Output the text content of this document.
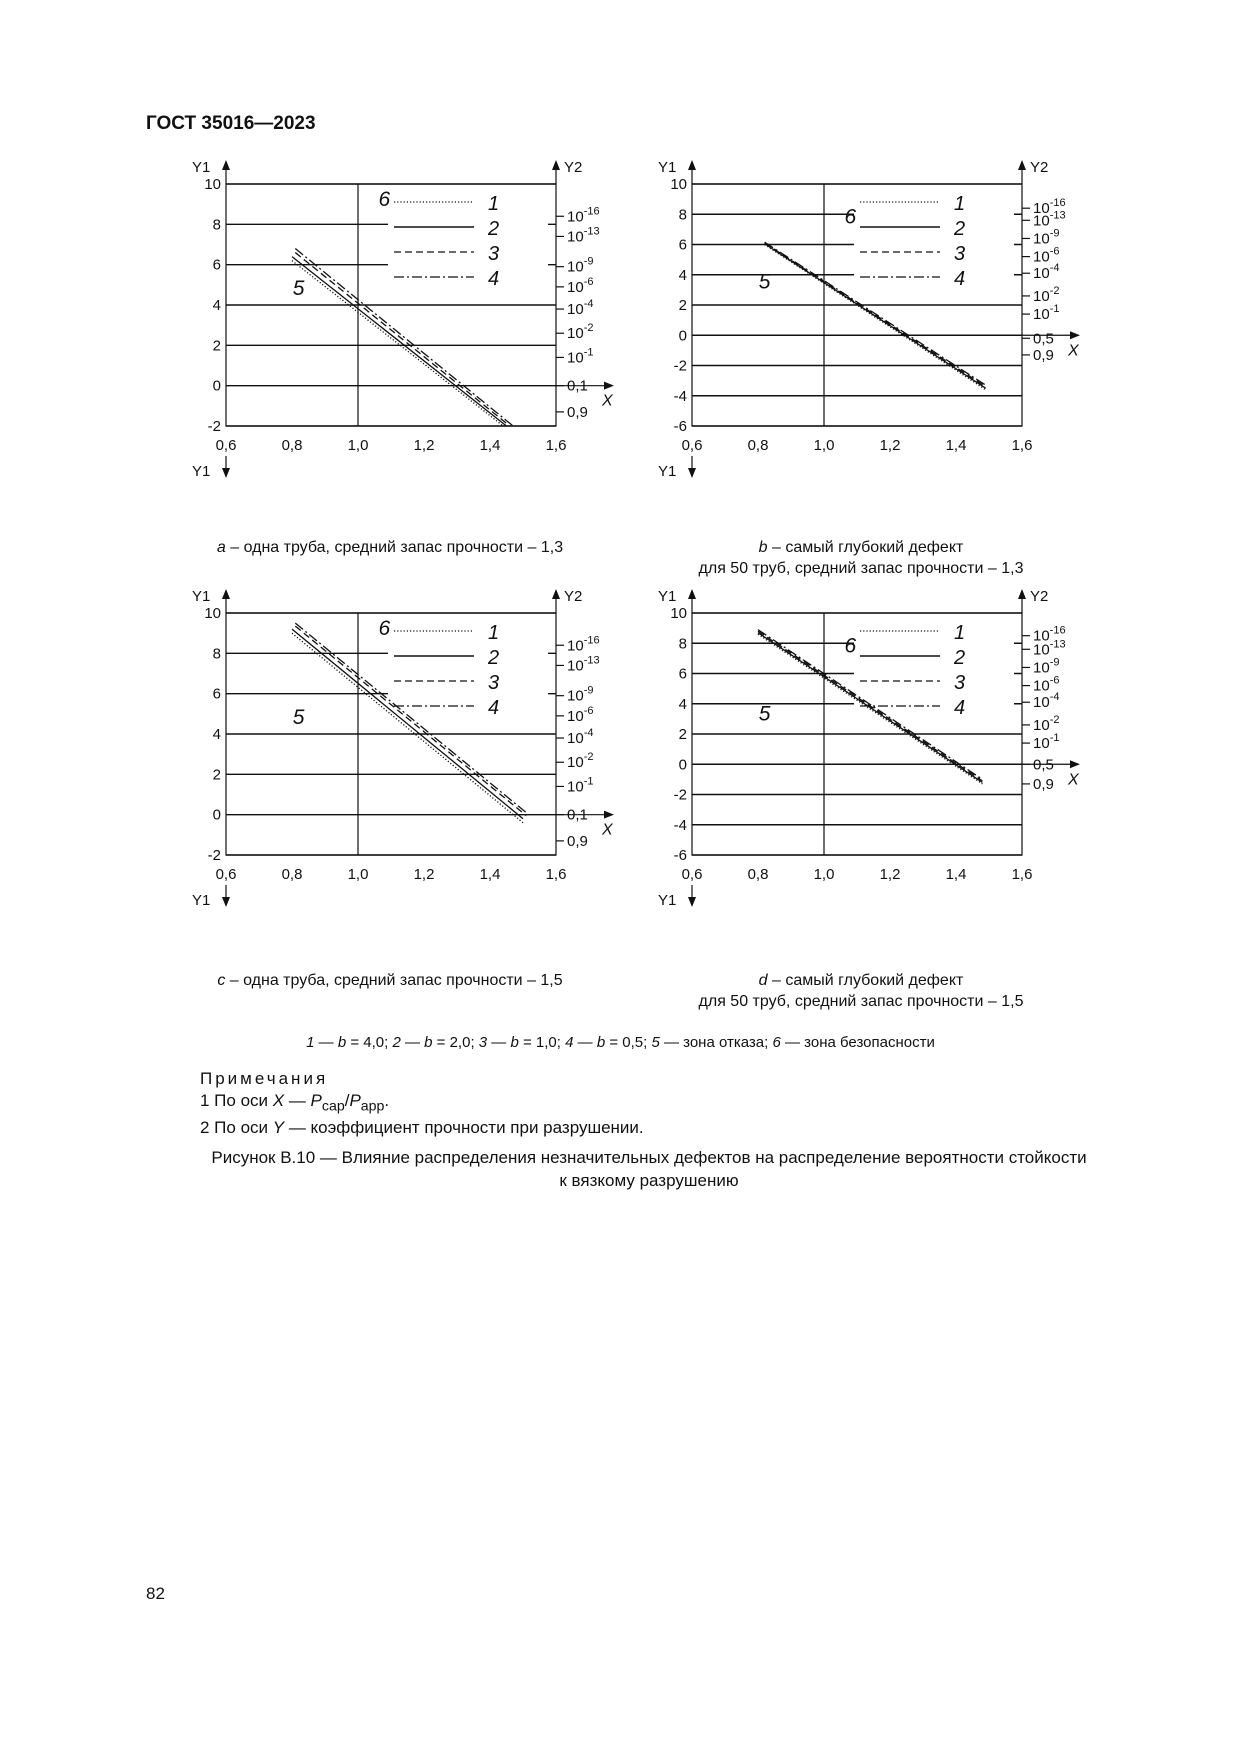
ГОСТ 35016—2023
-2
0
2
4
6
8
10
0,6	0,8	1,0	1,2	1,4	1,6
Y1
Y1
Y2
$10^{-16}$
$10^{-13}$
$10^{-9}$
$10^{-6}$
$10^{-4}$
$10^{-2}$
$10^{-1}$
0,1
0,9
X
1
2
3
4
5
6
-6
-4
-2
0
2
4
6
8
10
0,6	0,8	1,0	1,2	1,4	1,6
Y1
Y1
Y2
$10^{-16}$
$10^{-13}$
$10^{-9}$
$10^{-6}$
$10^{-4}$
$10^{-2}$
$10^{-1}$
0,5
0,9 X
1
2
3
4
5
6
-2
0
2
4
6
8
10
0,6	0,8	1,0	1,2	1,4	1,6
Y1
Y1
Y2
$10^{-16}$
$10^{-13}$
$10^{-9}$
$10^{-6}$
$10^{-4}$
$10^{-2}$
$10^{-1}$
0,1
0,9
X
1
2
3
4
5
6
-6
-4
-2
0
2
4
6
8
10
0,6	0,8	1,0	1,2	1,4	1,6
Y1
Y1
Y2
$10^{-16}$
$10^{-13}$
$10^{-9}$
$10^{-6}$
$10^{-4}$
$10^{-2}$
$10^{-1}$
0,5
0,9 X
1
2
3
4
5
6
a – одна труба, средний запас прочности – 1,3	b – самый глубокий дефект
для 50 труб, средний запас прочности – 1,3
c – одна труба, средний запас прочности – 1,5	d – самый глубокий дефект
для 50 труб, средний запас прочности – 1,5
1 — b = 4,0; 2 — b = 2,0; 3 — b = 1,0; 4 — b = 0,5; 5 — зона отказа; 6 — зона безопасности
Примечания
1 По оси X — $P_{cap}/P_{app}$.
2 По оси Y — коэффициент прочности при разрушении.
Рисунок В.10 — Влияние распределения незначительных дефектов на распределение вероятности стойкости
к вязкому разрушению
82
